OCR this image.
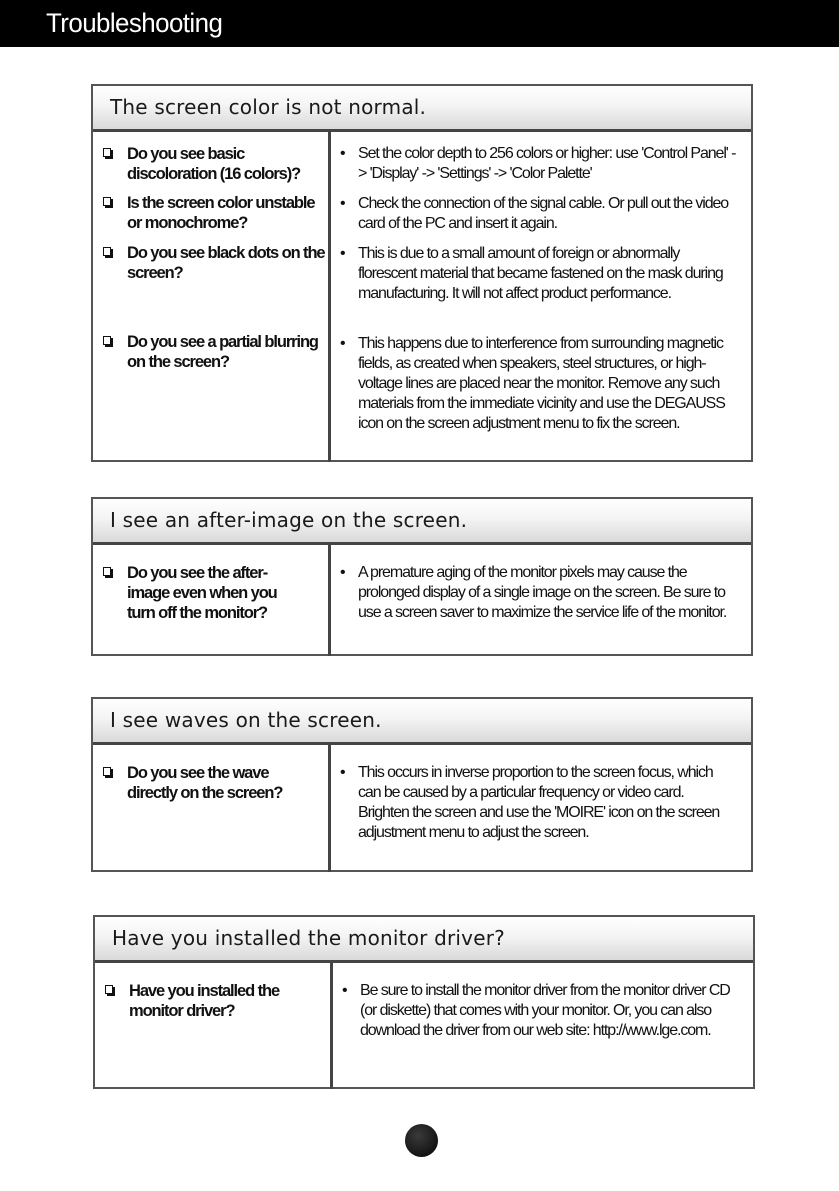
Troubleshooting
The screen color is not normal.
Do you see basic discoloration (16 colors)?
Is the screen color unstable or monochrome?
Do you see black dots on the screen?
Do you see a partial blurring on the screen?
• Set the color depth to 256 colors or higher: use 'Control Panel' -> 'Display' -> 'Settings' -> 'Color Palette'
• Check the connection of the signal cable. Or pull out the video card of the PC and insert it again.
• This is due to a small amount of foreign or abnormally florescent material that became fastened on the mask during manufacturing. It will not affect product performance.
• This happens due to interference from surrounding magnetic fields, as created when speakers, steel structures, or high-voltage lines are placed near the monitor. Remove any such materials from the immediate vicinity and use the DEGAUSS icon on the screen adjustment menu to fix the screen.
I see an after-image on the screen.
Do you see the after-image even when you turn off the monitor?
• A premature aging of the monitor pixels may cause the prolonged display of a single image on the screen. Be sure to use a screen saver to maximize the service life of the monitor.
I see waves on the screen.
Do you see the wave directly on the screen?
• This occurs in inverse proportion to the screen focus, which can be caused by a particular frequency or video card. Brighten the screen and use the 'MOIRE' icon on the screen adjustment menu to adjust the screen.
Have you installed the monitor driver?
Have you installed the monitor driver?
• Be sure to install the monitor driver from the monitor driver CD (or diskette) that comes with your monitor. Or, you can also download the driver from our web site: http://www.lge.com.
